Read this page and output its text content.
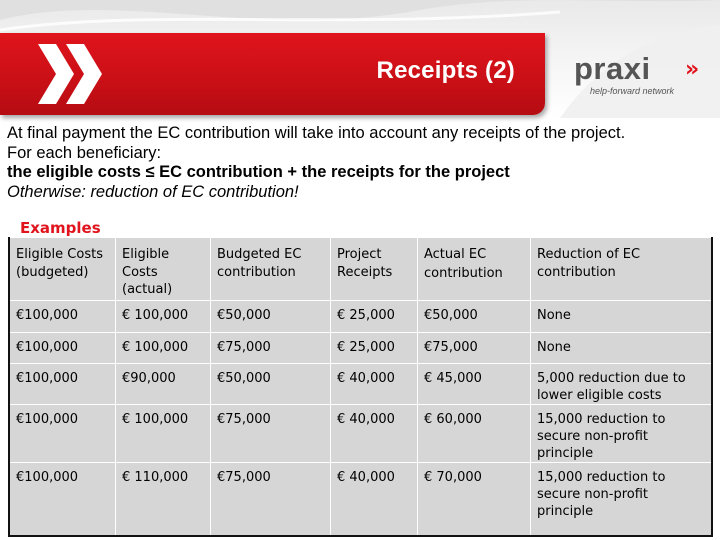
Receipts (2) praxi »
help-forward network
At final payment the EC contribution will take into account any receipts of the project.
For each beneficiary:
the eligible costs ≤ EC contribution + the receipts for the project
Otherwise: reduction of EC contribution!
Examples
Eligible Costs (budgeted)	Eligible Costs (actual)	Budgeted EC contribution	Project Receipts	Actual EC contribution	Reduction of EC contribution
€100,000	€ 100,000	€50,000	€ 25,000	€50,000	None
€100,000	€ 100,000	€75,000	€ 25,000	€75,000	None
€100,000	€90,000	€50,000	€ 40,000	€ 45,000	5,000 reduction due to lower eligible costs
€100,000	€ 100,000	€75,000	€ 40,000	€ 60,000	15,000 reduction to secure non-profit principle
€100,000	€ 110,000	€75,000	€ 40,000	€ 70,000	15,000 reduction to secure non-profit principle
